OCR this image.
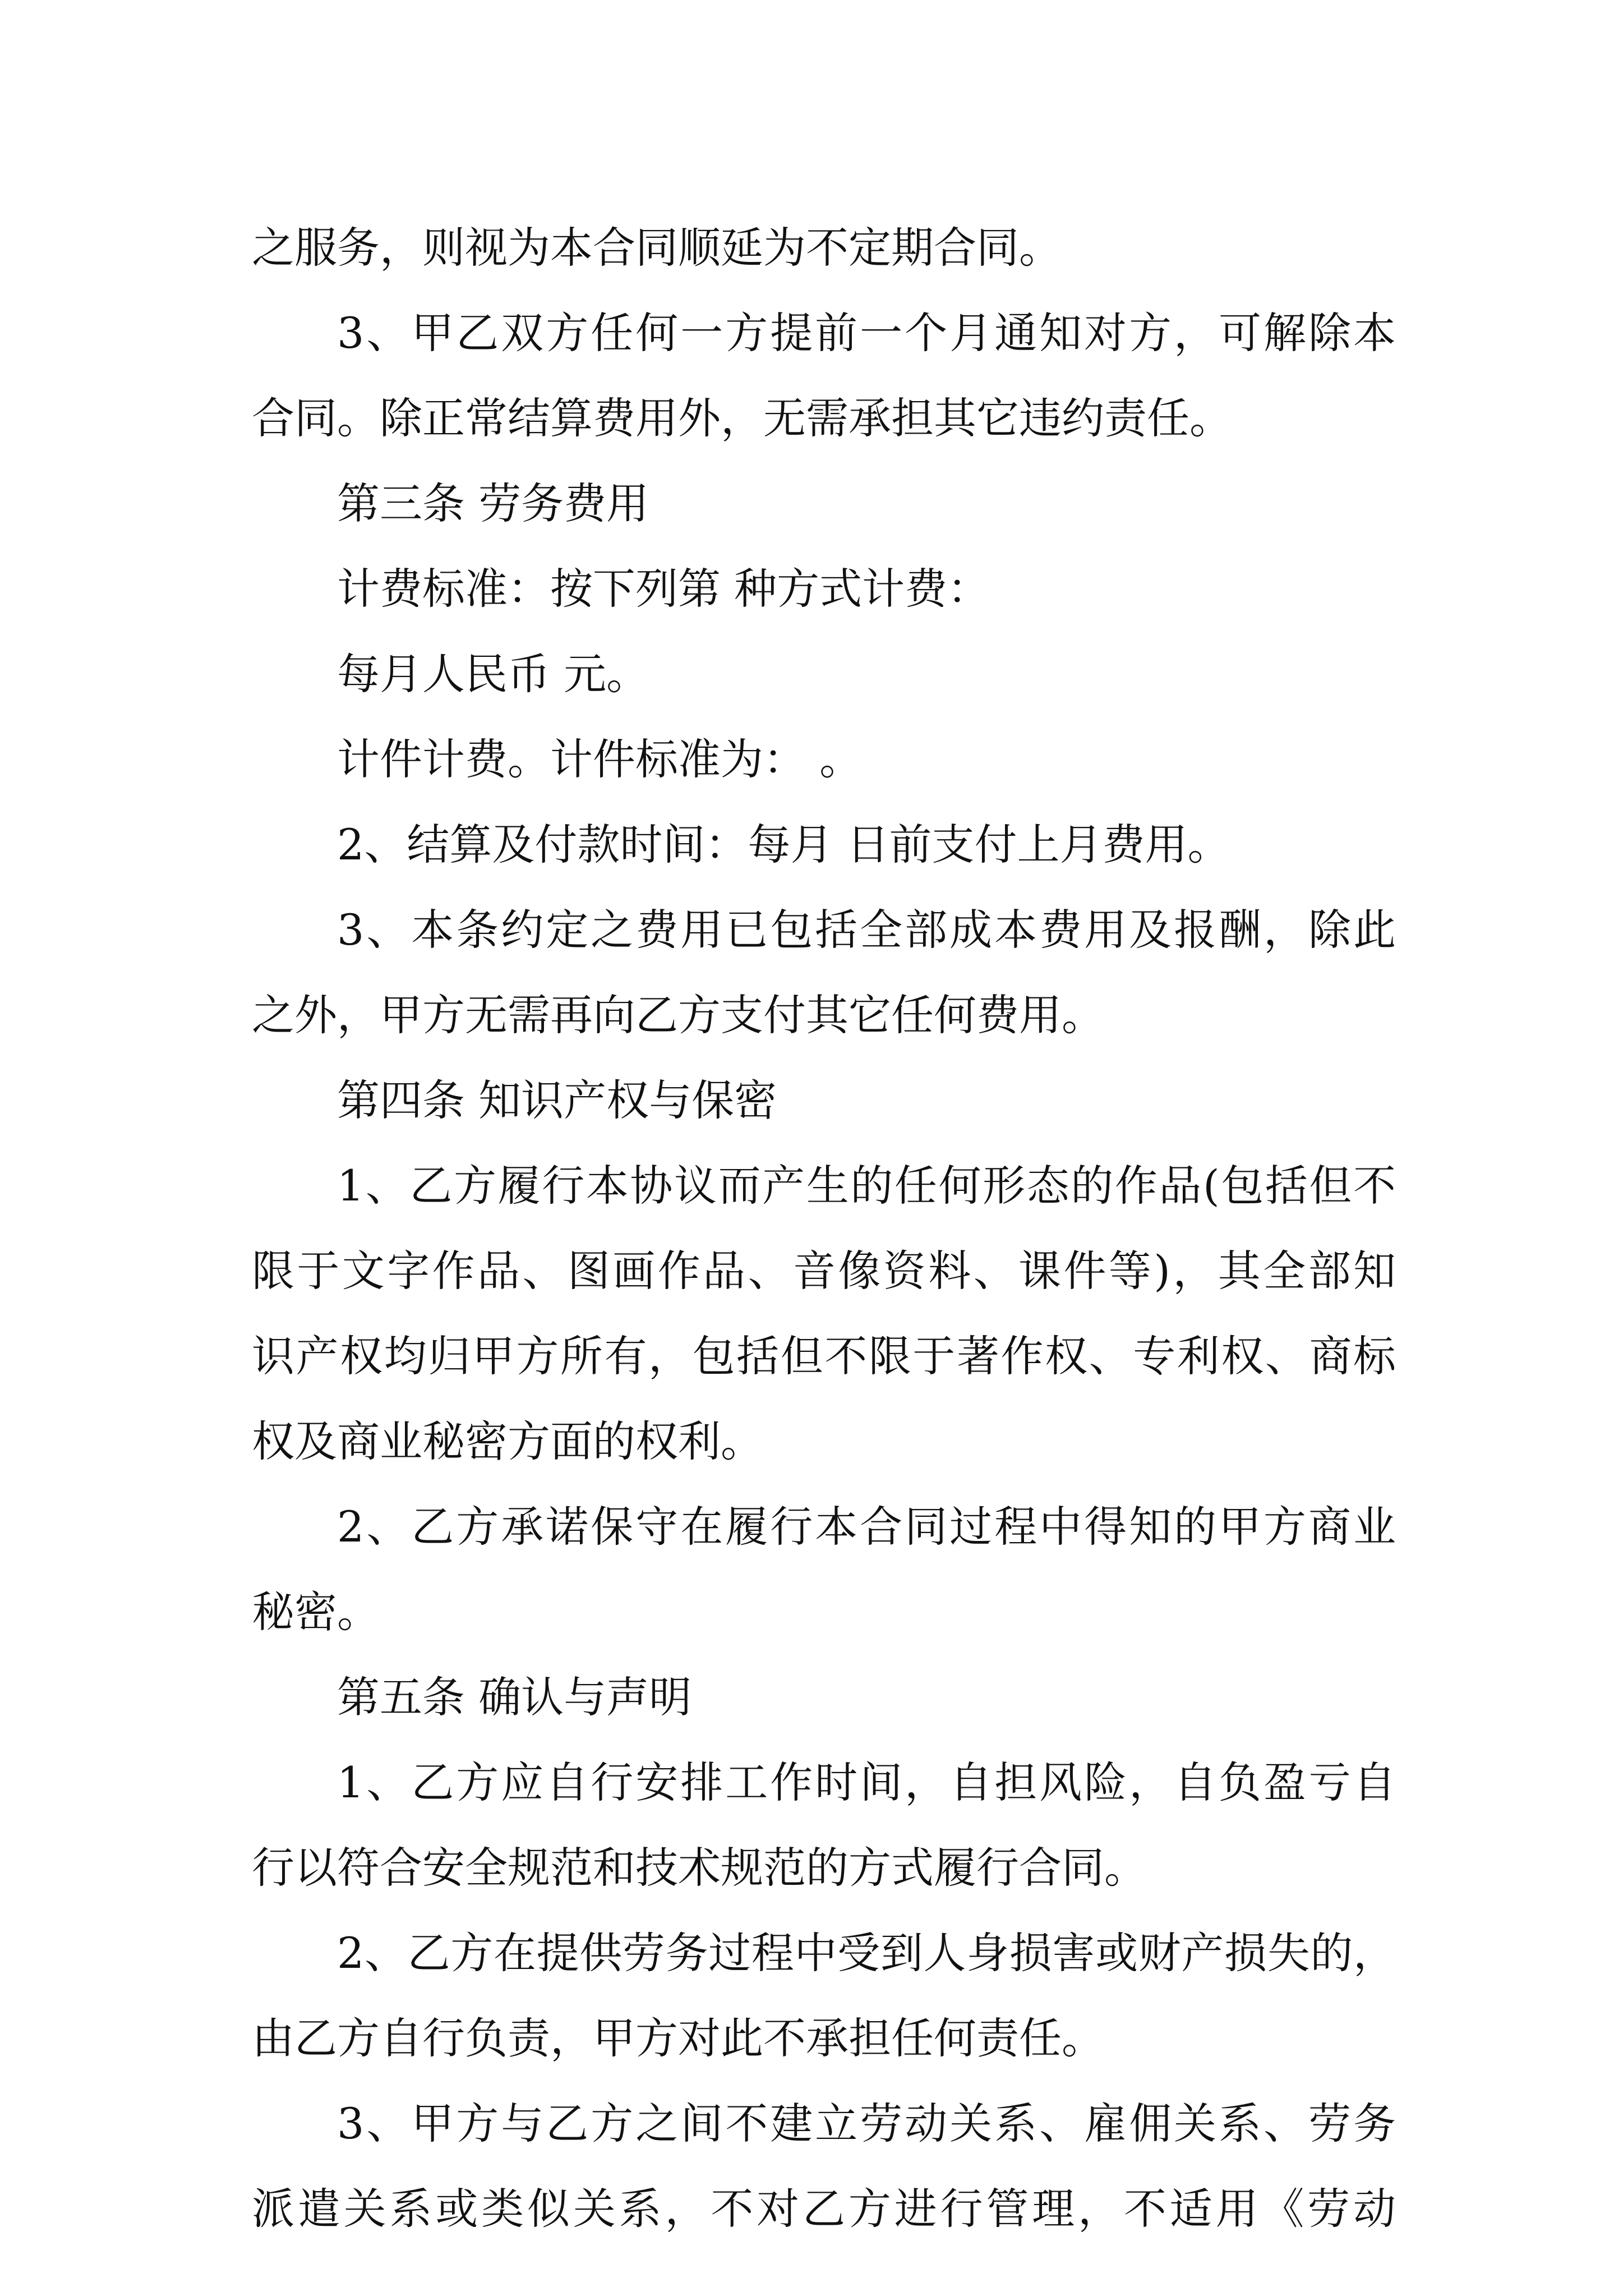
之服务，则视为本合同顺延为不定期合同。
3、甲乙双方任何一方提前一个月通知对方，可解除本
合同。除正常结算费用外，无需承担其它违约责任。
第三条 劳务费用
计费标准：按下列第 种方式计费：
每月人民币 元。
计件计费。计件标准为： 。
2、结算及付款时间：每月 日前支付上月费用。
3、本条约定之费用已包括全部成本费用及报酬，除此
之外，甲方无需再向乙方支付其它任何费用。
第四条 知识产权与保密
1、乙方履行本协议而产生的任何形态的作品(包括但不
限于文字作品、图画作品、音像资料、课件等)，其全部知
识产权均归甲方所有，包括但不限于著作权、专利权、商标
权及商业秘密方面的权利。
2、乙方承诺保守在履行本合同过程中得知的甲方商业
秘密。
第五条 确认与声明
1、乙方应自行安排工作时间，自担风险，自负盈亏自
行以符合安全规范和技术规范的方式履行合同。
2、乙方在提供劳务过程中受到人身损害或财产损失的，
由乙方自行负责，甲方对此不承担任何责任。
3、甲方与乙方之间不建立劳动关系、雇佣关系、劳务
派遣关系或类似关系，不对乙方进行管理，不适用《劳动
